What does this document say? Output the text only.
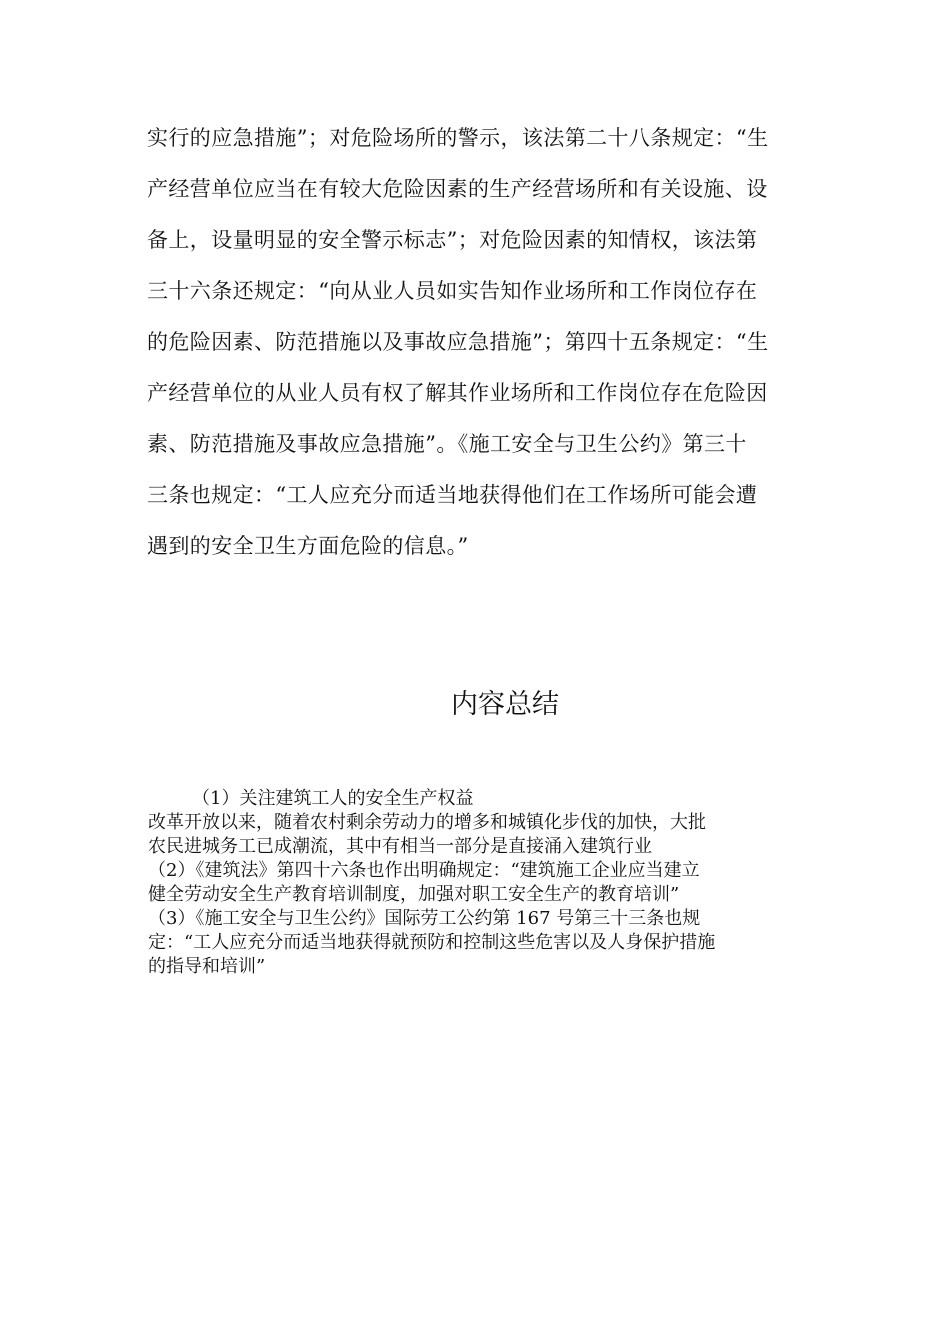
实行的应急措施”；对危险场所的警示，该法第二十八条规定：“生
产经营单位应当在有较大危险因素的生产经营场所和有关设施、设
备上，设量明显的安全警示标志”；对危险因素的知情权，该法第
三十六条还规定：“向从业人员如实告知作业场所和工作岗位存在
的危险因素、防范措施以及事故应急措施”；第四十五条规定：“生
产经营单位的从业人员有权了解其作业场所和工作岗位存在危险因
素、防范措施及事故应急措施”。《施工安全与卫生公约》第三十
三条也规定：“工人应充分而适当地获得他们在工作场所可能会遭
遇到的安全卫生方面危险的信息。”
内容总结
（1）关注建筑工人的安全生产权益
改革开放以来，随着农村剩余劳动力的增多和城镇化步伐的加快，大批
农民进城务工已成潮流，其中有相当一部分是直接涌入建筑行业
（2）《建筑法》第四十六条也作出明确规定：“建筑施工企业应当建立
健全劳动安全生产教育培训制度，加强对职工安全生产的教育培训”
（3）《施工安全与卫生公约》国际劳工公约第 167 号第三十三条也规
定：“工人应充分而适当地获得就预防和控制这些危害以及人身保护措施
的指导和培训”
